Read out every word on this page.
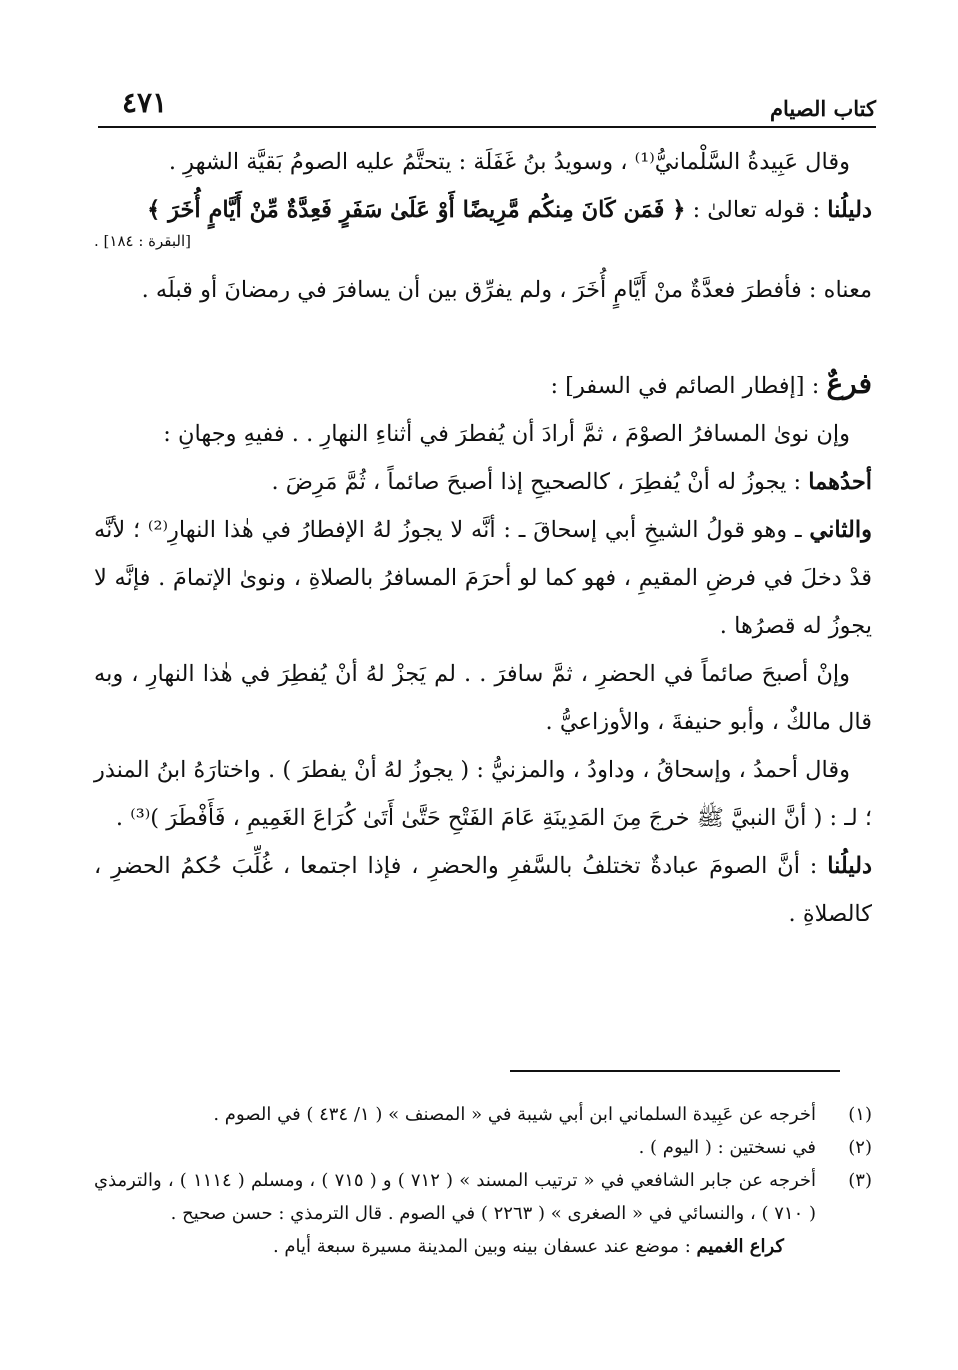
كتاب الصيام
٤٧١

وقال عَبِيدةُ السَّلْمانيُّ⁽¹⁾ ، وسويدُ بنُ غَفَلَة : يتحتَّمُ عليه الصومُ بَقيَّة الشهرِ .

دليلُنا : قوله تعالىٰ : ﴿ فَمَن كَانَ مِنكُم مَّرِيضًا أَوْ عَلَىٰ سَفَرٍ فَعِدَّةٌ مِّنْ أَيَّامٍ أُخَرَ ﴾

[البقرة : ١٨٤] .

معناه : فأفطرَ فعدَّةٌ منْ أَيَّامٍ أُخَرَ ، ولم يفرِّق بين أن يسافرَ في رمضانَ أو قبلَه .

فرعٌ : [إفطار الصائم في السفر] :

وإن نوىٰ المسافرُ الصوْمَ ، ثمَّ أرادَ أن يُفطرَ في أثناءِ النهارِ . . ففيهِ وجهانِ :

أحدُهما : يجوزُ له أنْ يُفطِرَ ، كالصحيحِ إذا أصبحَ صائماً ، ثُمَّ مَرِضَ .

والثاني ـ وهو قولُ الشيخِ أبي إسحاقَ ـ : أنَّه لا يجوزُ لهُ الإفطارُ في هٰذا النهارِ⁽²⁾ ؛ لأنَّه قدْ دخلَ في فرضِ المقيمِ ، فهو كما لو أحرَمَ المسافرُ بالصلاةِ ، ونوىٰ الإتمامَ . فإنَّه لا يجوزُ له قصرُها .

وإنْ أصبحَ صائماً في الحضرِ ، ثمَّ سافرَ . . لم يَجزْ لهُ أنْ يُفطِرَ في هٰذا النهارِ ، وبه قال مالكٌ ، وأبو حنيفةَ ، والأوزاعيُّ .

وقال أحمدُ ، وإسحاقُ ، وداودُ ، والمزنيُّ : ( يجوزُ لهُ أنْ يفطرَ ) . واختارَهُ ابنُ المنذر ؛ لـ : ( أنَّ النبيَّ ﷺ خرجَ مِنَ المَدِينَةِ عَامَ الفَتْحِ حَتَّىٰ أَتَىٰ كُرَاعَ الغَمِيمِ ، فَأَفْطَرَ )⁽³⁾ .

دليلُنا : أنَّ الصومَ عبادةٌ تختلفُ بالسَّفرِ والحضرِ ، فإذا اجتمعا ، غُلِّبَ حُكمُ الحضرِ ، كالصلاةِ .

(١)
أخرجه عن عَبِيدة السلماني ابن أبي شيبة في « المصنف » ( ١/ ٤٣٤ ) في الصوم .
(٢)
في نسختين : ( اليوم ) .
(٣)
أخرجه عن جابر الشافعي في « ترتيب المسند » ( ٧١٢ ) و ( ٧١٥ ) ، ومسلم ( ١١١٤ ) ، والترمذي ( ٧١٠ ) ، والنسائي في « الصغرى » ( ٢٢٦٣ ) في الصوم . قال الترمذي : حسن صحيح .
كراع الغميم : موضع عند عسفان بينه وبين المدينة مسيرة سبعة أيام .
